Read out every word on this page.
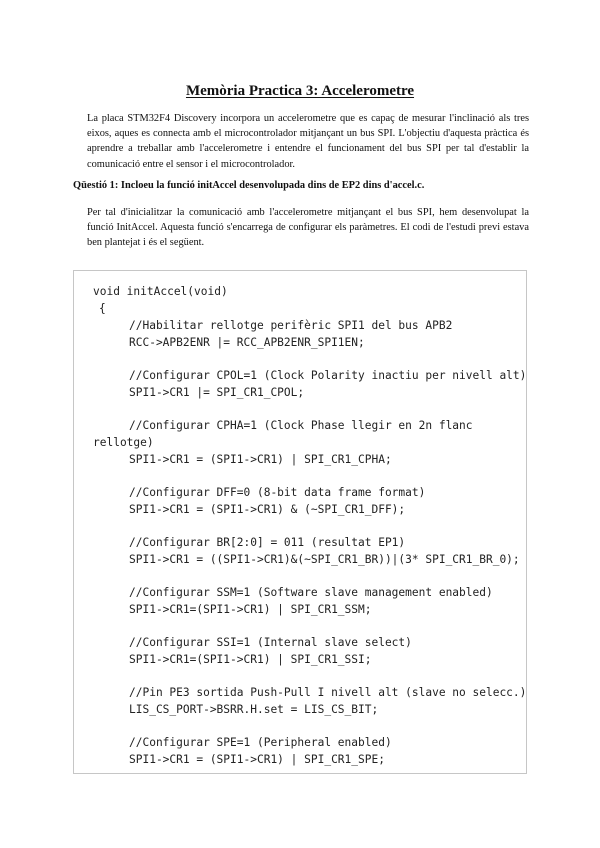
Memòria Practica 3: Accelerometre
La placa STM32F4 Discovery incorpora un accelerometre que es capaç de mesurar l'inclinació als tres eixos, aques es connecta amb el microcontrolador mitjançant un bus SPI. L'objectiu d'aquesta pràctica és aprendre a treballar amb l'accelerometre i entendre el funcionament del bus SPI per tal d'establir la comunicació entre el sensor i el microcontrolador.
Qüestió 1: Incloeu la funció initAccel desenvolupada dins de EP2 dins d'accel.c.
Per tal d'inicialitzar la comunicació amb l'accelerometre mitjançant el bus SPI, hem desenvolupat la funció InitAccel. Aquesta funció s'encarrega de configurar els paràmetres. El codi de l'estudi previ estava ben plantejat i és el següent.
void initAccel(void)
{
//Habilitar rellotge perifèric SPI1 del bus APB2
RCC->APB2ENR |= RCC_APB2ENR_SPI1EN;
//Configurar CPOL=1 (Clock Polarity inactiu per nivell alt)
SPI1->CR1 |= SPI_CR1_CPOL;
//Configurar CPHA=1 (Clock Phase llegir en 2n flanc
rellotge)
SPI1->CR1 = (SPI1->CR1) | SPI_CR1_CPHA;
//Configurar DFF=0 (8-bit data frame format)
SPI1->CR1 = (SPI1->CR1) & (~SPI_CR1_DFF);
//Configurar BR[2:0] = 011 (resultat EP1)
SPI1->CR1 = ((SPI1->CR1)&(~SPI_CR1_BR))|(3* SPI_CR1_BR_0);
//Configurar SSM=1 (Software slave management enabled)
SPI1->CR1=(SPI1->CR1) | SPI_CR1_SSM;
//Configurar SSI=1 (Internal slave select)
SPI1->CR1=(SPI1->CR1) | SPI_CR1_SSI;
//Pin PE3 sortida Push-Pull I nivell alt (slave no selecc.)
LIS_CS_PORT->BSRR.H.set = LIS_CS_BIT;
//Configurar SPE=1 (Peripheral enabled)
SPI1->CR1 = (SPI1->CR1) | SPI_CR1_SPE;
